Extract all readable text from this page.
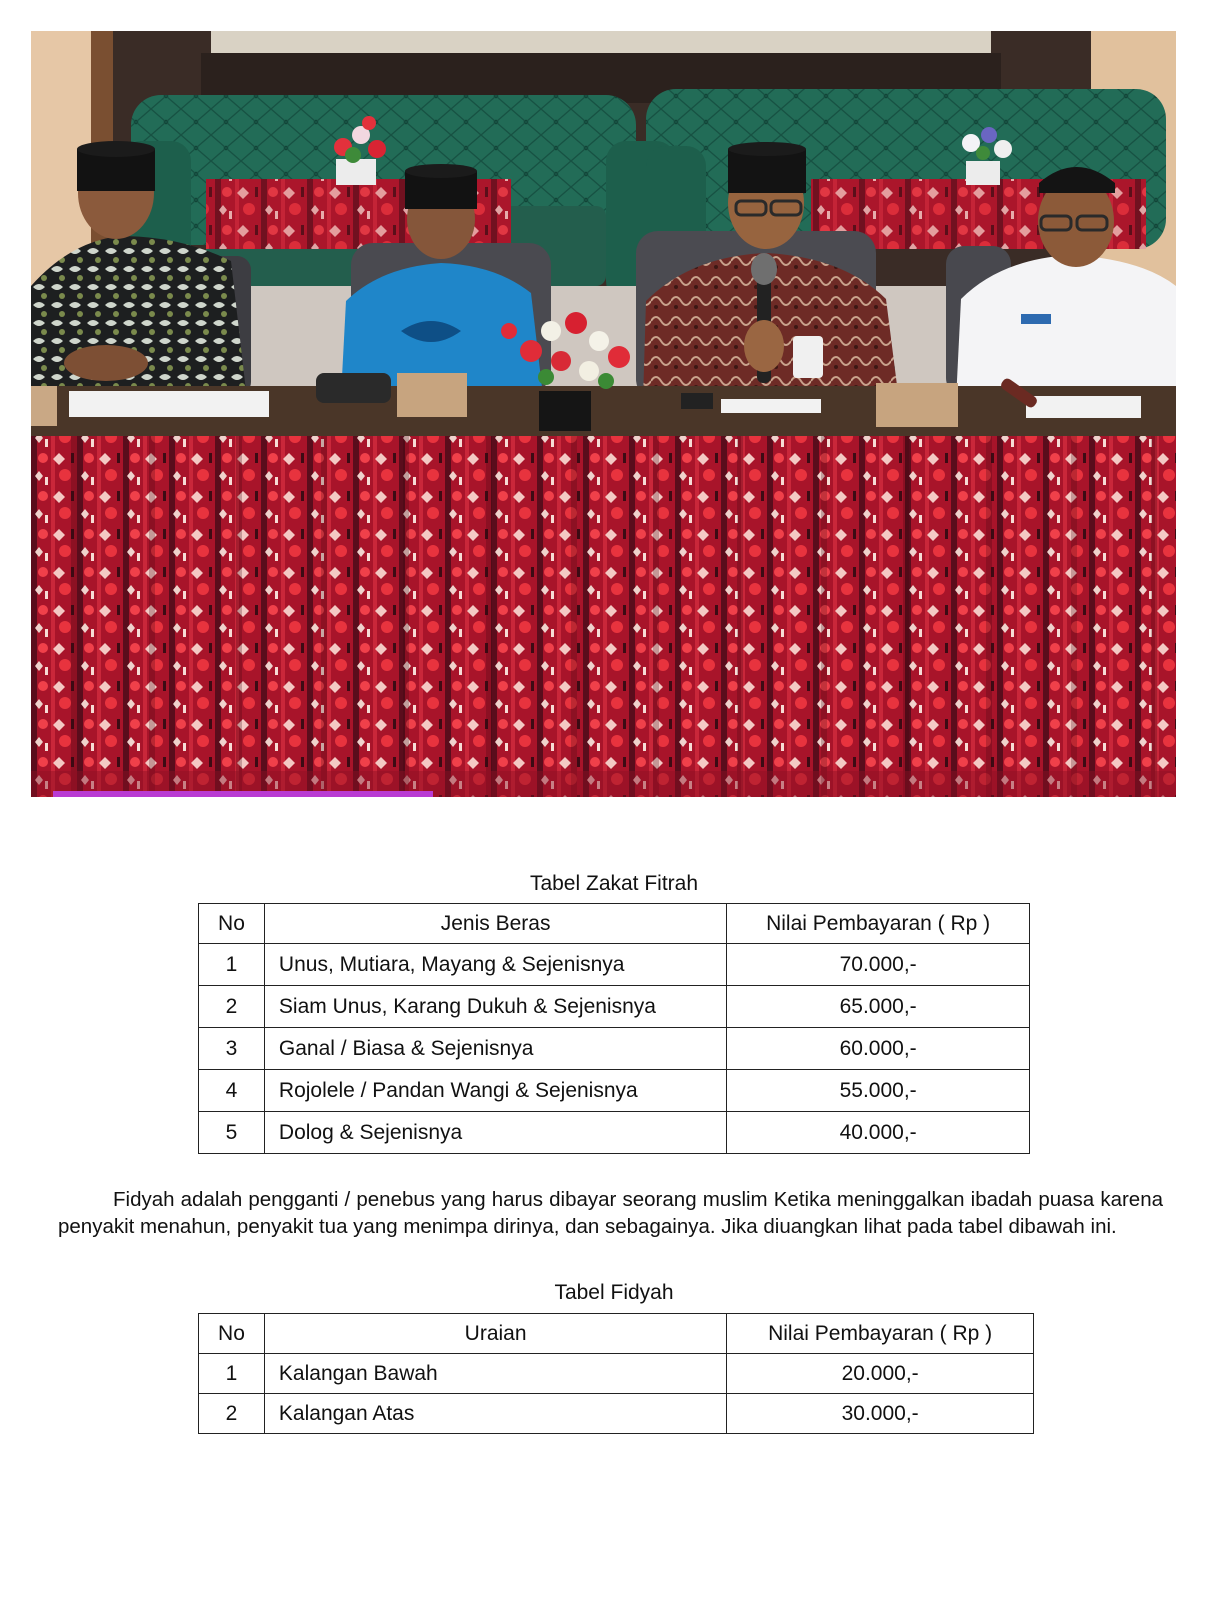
Tabel Zakat Fitrah
No	Jenis Beras	Nilai Pembayaran ( Rp )
1	Unus, Mutiara, Mayang & Sejenisnya	70.000,-
2	Siam Unus, Karang Dukuh & Sejenisnya	65.000,-
3	Ganal / Biasa & Sejenisnya	60.000,-
4	Rojolele / Pandan Wangi & Sejenisnya	55.000,-
5	Dolog & Sejenisnya	40.000,-

Fidyah adalah pengganti / penebus yang harus dibayar seorang muslim Ketika meninggalkan ibadah puasa karena penyakit menahun, penyakit tua yang menimpa dirinya, dan sebagainya. Jika diuangkan lihat pada tabel dibawah ini.

Tabel Fidyah
No	Uraian	Nilai Pembayaran ( Rp )
1	Kalangan Bawah	20.000,-
2	Kalangan Atas	30.000,-
